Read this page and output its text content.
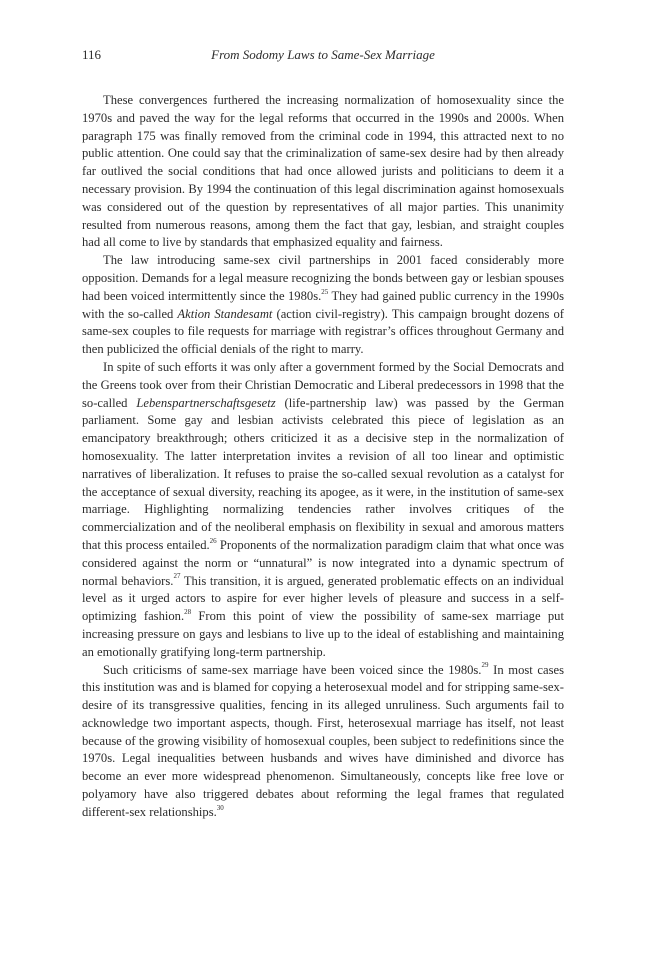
116	From Sodomy Laws to Same-Sex Marriage

These convergences furthered the increasing normalization of homosexuality since the 1970s and paved the way for the legal reforms that occurred in the 1990s and 2000s. When paragraph 175 was finally removed from the criminal code in 1994, this attracted next to no public attention. One could say that the criminalization of same-sex desire had by then already far outlived the social conditions that had once allowed jurists and politicians to deem it a necessary provision. By 1994 the continuation of this legal discrimination against homosexuals was considered out of the question by representatives of all major parties. This unanimity resulted from numerous reasons, among them the fact that gay, lesbian, and straight couples had all come to live by standards that emphasized equality and fairness.

The law introducing same-sex civil partnerships in 2001 faced considerably more opposition. Demands for a legal measure recognizing the bonds between gay or lesbian spouses had been voiced intermittently since the 1980s.$^{25}$ They had gained public currency in the 1990s with the so-called Aktion Standesamt (action civil-registry). This campaign brought dozens of same-sex couples to file requests for marriage with registrar’s offices throughout Germany and then publicized the official denials of the right to marry.

In spite of such efforts it was only after a government formed by the Social Democrats and the Greens took over from their Christian Democratic and Liberal predecessors in 1998 that the so-called Lebenspartnerschaftsgesetz (life-partnership law) was passed by the German parliament. Some gay and lesbian activists celebrated this piece of legislation as an emancipatory breakthrough; others criticized it as a decisive step in the normalization of homosexuality. The latter interpretation invites a revision of all too linear and optimistic narratives of liberalization. It refuses to praise the so-called sexual revolution as a catalyst for the acceptance of sexual diversity, reaching its apogee, as it were, in the institution of same-sex marriage. Highlighting normalizing tendencies rather involves critiques of the commercialization and of the neoliberal emphasis on flexibility in sexual and amorous matters that this process entailed.$^{26}$ Proponents of the normalization paradigm claim that what once was considered against the norm or “unnatural” is now integrated into a dynamic spectrum of normal behaviors.$^{27}$ This transition, it is argued, generated problematic effects on an individual level as it urged actors to aspire for ever higher levels of pleasure and success in a self-optimizing fashion.$^{28}$ From this point of view the possibility of same-sex marriage put increasing pressure on gays and lesbians to live up to the ideal of establishing and maintaining an emotionally gratifying long-term partnership.

Such criticisms of same-sex marriage have been voiced since the 1980s.$^{29}$ In most cases this institution was and is blamed for copying a heterosexual model and for stripping same-sex-desire of its transgressive qualities, fencing in its alleged unruliness. Such arguments fail to acknowledge two important aspects, though. First, heterosexual marriage has itself, not least because of the growing visibility of homosexual couples, been subject to redefinitions since the 1970s. Legal inequalities between husbands and wives have diminished and divorce has become an ever more widespread phenomenon. Simultaneously, concepts like free love or polyamory have also triggered debates about reforming the legal frames that regulated different-sex relationships.$^{30}$
